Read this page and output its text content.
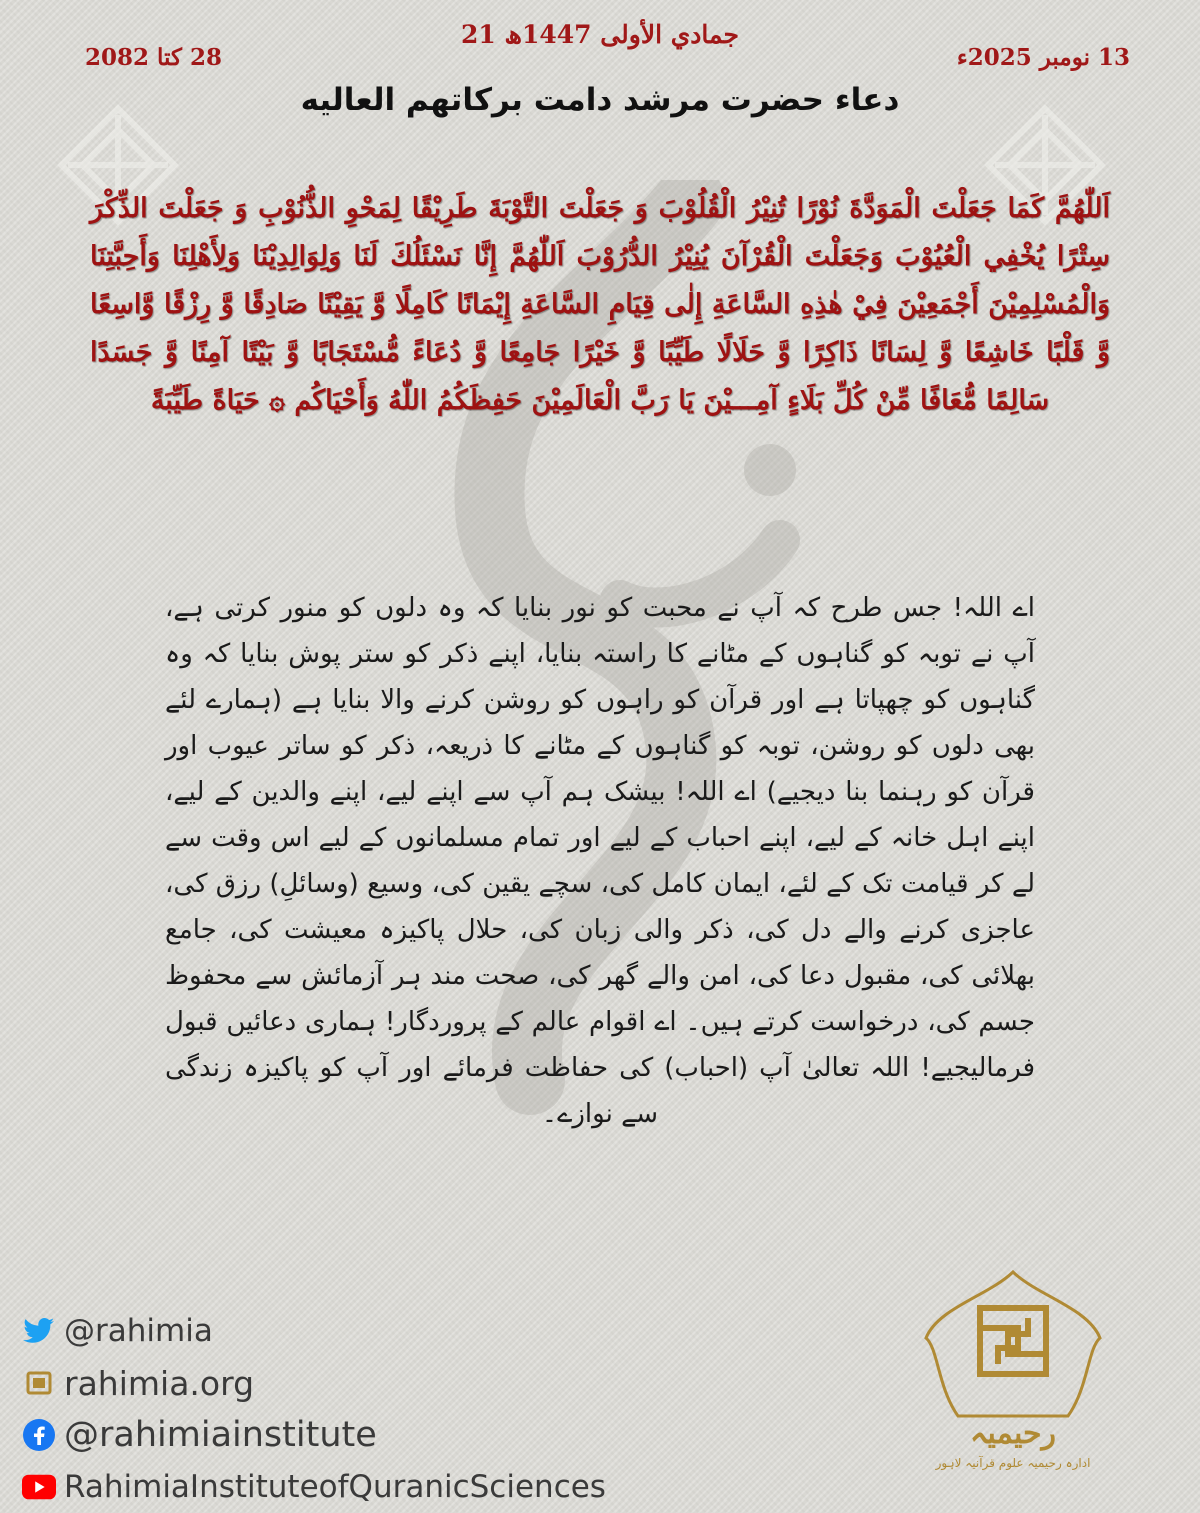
21 جمادي الأولى 1447ھ
13 نومبر 2025ء
28 کتا 2082
دعاء حضرت مرشد دامت برکاتهم العاليه
اَللّٰهُمَّ كَمَا جَعَلْتَ الْمَوَدَّةَ نُوْرًا تُنِيْرُ الْقُلُوْبَ وَ جَعَلْتَ التَّوْبَةَ طَرِيْقًا لِمَحْوِ الذُّنُوْبِ وَ جَعَلْتَ الذِّكْرَ سِتْرًا يُخْفِي الْعُيُوْبَ وَجَعَلْتَ الْقُرْآنَ يُنِيْرُ الدُّرُوْبَ اَللّٰهُمَّ إِنَّا نَسْئَلُكَ لَنَا وَلِوَالِدِيْنَا وَلِأَهْلِنَا وَأَحِبَّتِنَا وَالْمُسْلِمِيْنَ أَجْمَعِيْنَ فِيْ هٰذِهِ السَّاعَةِ إِلٰى قِيَامِ السَّاعَةِ إِيْمَانًا كَامِلًا وَّ يَقِيْنًا صَادِقًا وَّ رِزْقًا وَّاسِعًا وَّ قَلْبًا خَاشِعًا وَّ لِسَانًا ذَاكِرًا وَّ حَلَالًا طَيِّبًا وَّ خَيْرًا جَامِعًا وَّ دُعَاءً مُّسْتَجَابًا وَّ بَيْتًا آمِنًا وَّ جَسَدًا سَالِمًا مُّعَافًا مِّنْ كُلِّ بَلَاءٍ آمِـــيْنَ يَا رَبَّ الْعَالَمِيْنَ حَفِظَكُمُ اللّٰهُ وَأَحْيَاكُم ۞ حَيَاةً طَيِّبَةً
اے اللہ! جس طرح کہ آپ نے محبت کو نور بنایا کہ وہ دلوں کو منور کرتی ہے، آپ نے توبہ کو گناہوں کے مٹانے کا راستہ بنایا، اپنے ذکر کو ستر پوش بنایا کہ وہ گناہوں کو چھپاتا ہے اور قرآن کو راہوں کو روشن کرنے والا بنایا ہے (ہمارے لئے بھی دلوں کو روشن، توبہ کو گناہوں کے مٹانے کا ذریعہ، ذکر کو ساتر عیوب اور قرآن کو رہنما بنا دیجیے) اے اللہ! بیشک ہم آپ سے اپنے لیے، اپنے والدین کے لیے، اپنے اہل خانہ کے لیے، اپنے احباب کے لیے اور تمام مسلمانوں کے لیے اس وقت سے لے کر قیامت تک کے لئے، ایمان کامل کی، سچے یقین کی، وسیع (وسائلِ) رزق کی، عاجزی کرنے والے دل کی، ذکر والی زبان کی، حلال پاکیزہ معیشت کی، جامع بھلائی کی، مقبول دعا کی، امن والے گھر کی، صحت مند ہر آزمائش سے محفوظ جسم کی، درخواست کرتے ہیں۔ اے اقوام عالم کے پروردگار! ہماری دعائیں قبول فرمالیجیے! اللہ تعالیٰ آپ (احباب) کی حفاظت فرمائے اور آپ کو پاکیزہ زندگی سے نوازے۔
@rahimia
rahimia.org
@rahimiainstitute
RahimiaInstituteofQuranicSciences
رحیمیہ
ادارہ رحیمیہ علوم قرآنیہ لاہور
